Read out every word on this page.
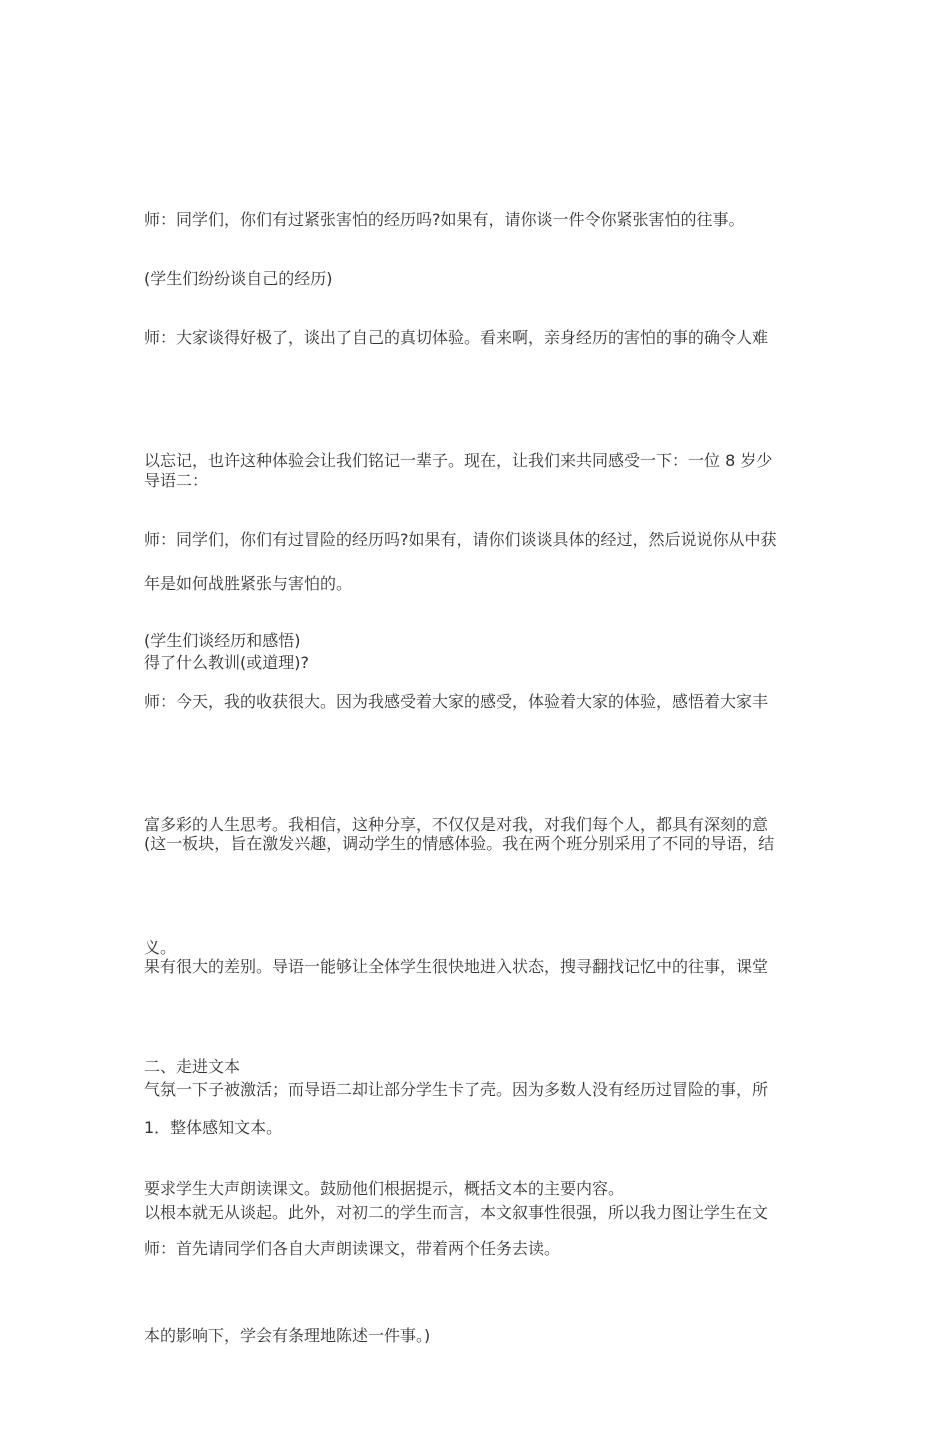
师：同学们，你们有过紧张害怕的经历吗?如果有，请你谈一件令你紧张害怕的往事。

(学生们纷纷谈自己的经历)

师：大家谈得好极了，谈出了自己的真切体验。看来啊，亲身经历的害怕的事的确令人难

以忘记，也许这种体验会让我们铭记一辈子。现在，让我们来共同感受一下：一位 8 岁少

年是如何战胜紧张与害怕的。

导语二：

师：同学们，你们有过冒险的经历吗?如果有，请你们谈谈具体的经过，然后说说你从中获

得了什么教训(或道理)?

(学生们谈经历和感悟)

师：今天，我的收获很大。因为我感受着大家的感受，体验着大家的体验，感悟着大家丰

富多彩的人生思考。我相信，这种分享，不仅仅是对我，对我们每个人，都具有深刻的意

义。

(这一板块，旨在激发兴趣，调动学生的情感体验。我在两个班分别采用了不同的导语，结

果有很大的差别。导语一能够让全体学生很快地进入状态，搜寻翻找记忆中的往事，课堂

气氛一下子被激活；而导语二却让部分学生卡了壳。因为多数人没有经历过冒险的事，所

以根本就无从谈起。此外，对初二的学生而言，本文叙事性很强，所以我力图让学生在文

本的影响下，学会有条理地陈述一件事。)

二、走进文本

1．整体感知文本。

要求学生大声朗读课文。鼓励他们根据提示，概括文本的主要内容。

师：首先请同学们各自大声朗读课文，带着两个任务去读。
